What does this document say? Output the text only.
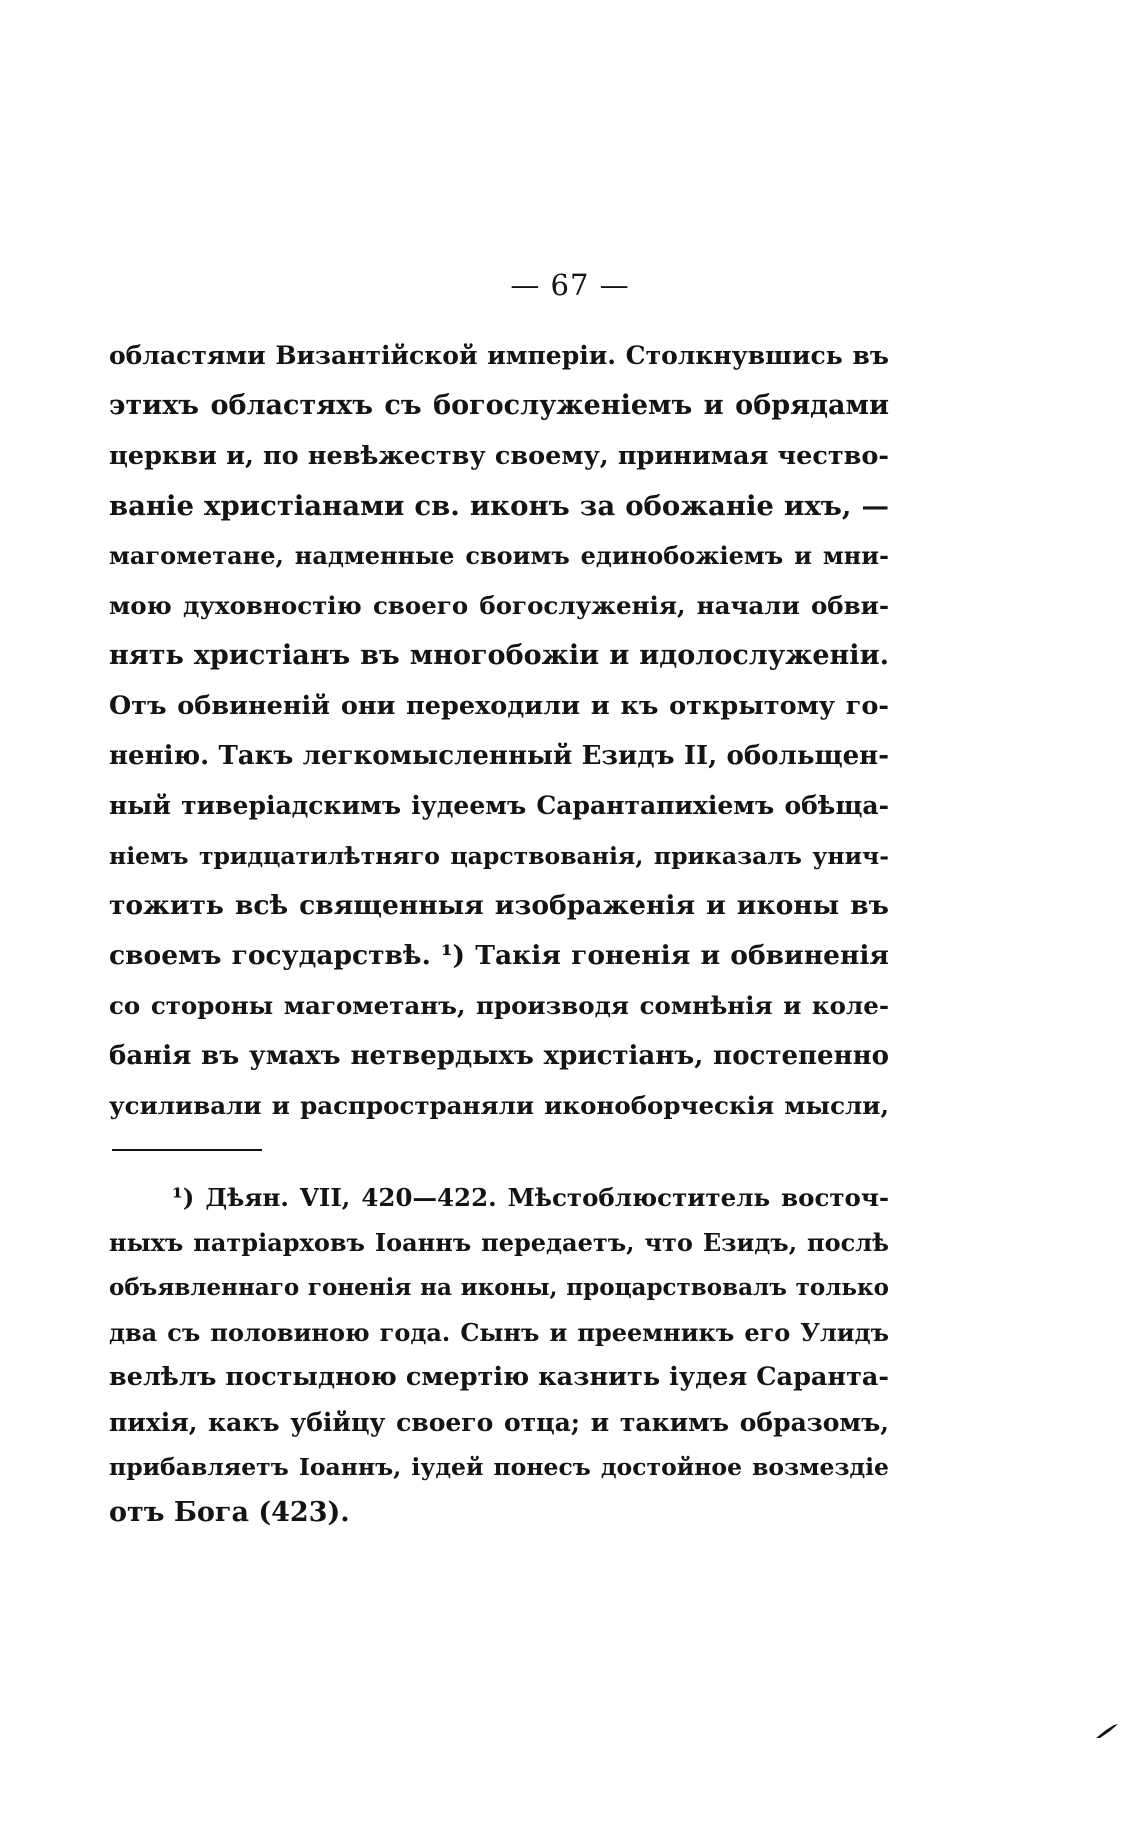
— 67 —
областями Византійской имперіи. Столкнувшись въ
этихъ областяхъ съ богослуженіемъ и обрядами
церкви и, по невѣжеству своему, принимая чество-
ваніе христіанами св. иконъ за обожаніе ихъ, —
магометане, надменные своимъ единобожіемъ и мни-
мою духовностію своего богослуженія, начали обви-
нять христіанъ въ многобожіи и идолослуженіи.
Отъ обвиненій они переходили и къ открытому го-
ненію. Такъ легкомысленный Езидъ II, обольщен-
ный тиверіадскимъ іудеемъ Сарантапихіемъ обѣща-
ніемъ тридцатилѣтняго царствованія, приказалъ унич-
тожить всѣ священныя изображенія и иконы въ
своемъ государствѣ. ¹) Такія гоненія и обвиненія
со стороны магометанъ, производя сомнѣнія и коле-
банія въ умахъ нетвердыхъ христіанъ, постепенно
усиливали и распространяли иконоборческія мысли,
¹) Дѣян. VII, 420—422. Мѣстоблюститель восточ-
ныхъ патріарховъ Іоаннъ передаетъ, что Езидъ, послѣ
объявленнаго гоненія на иконы, процарствовалъ только
два съ половиною года. Сынъ и преемникъ его Улидъ
велѣлъ постыдною смертію казнить іудея Саранта-
пихія, какъ убійцу своего отца; и такимъ образомъ,
прибавляетъ Іоаннъ, іудей понесъ достойное возмездіе
отъ Бога (423).
